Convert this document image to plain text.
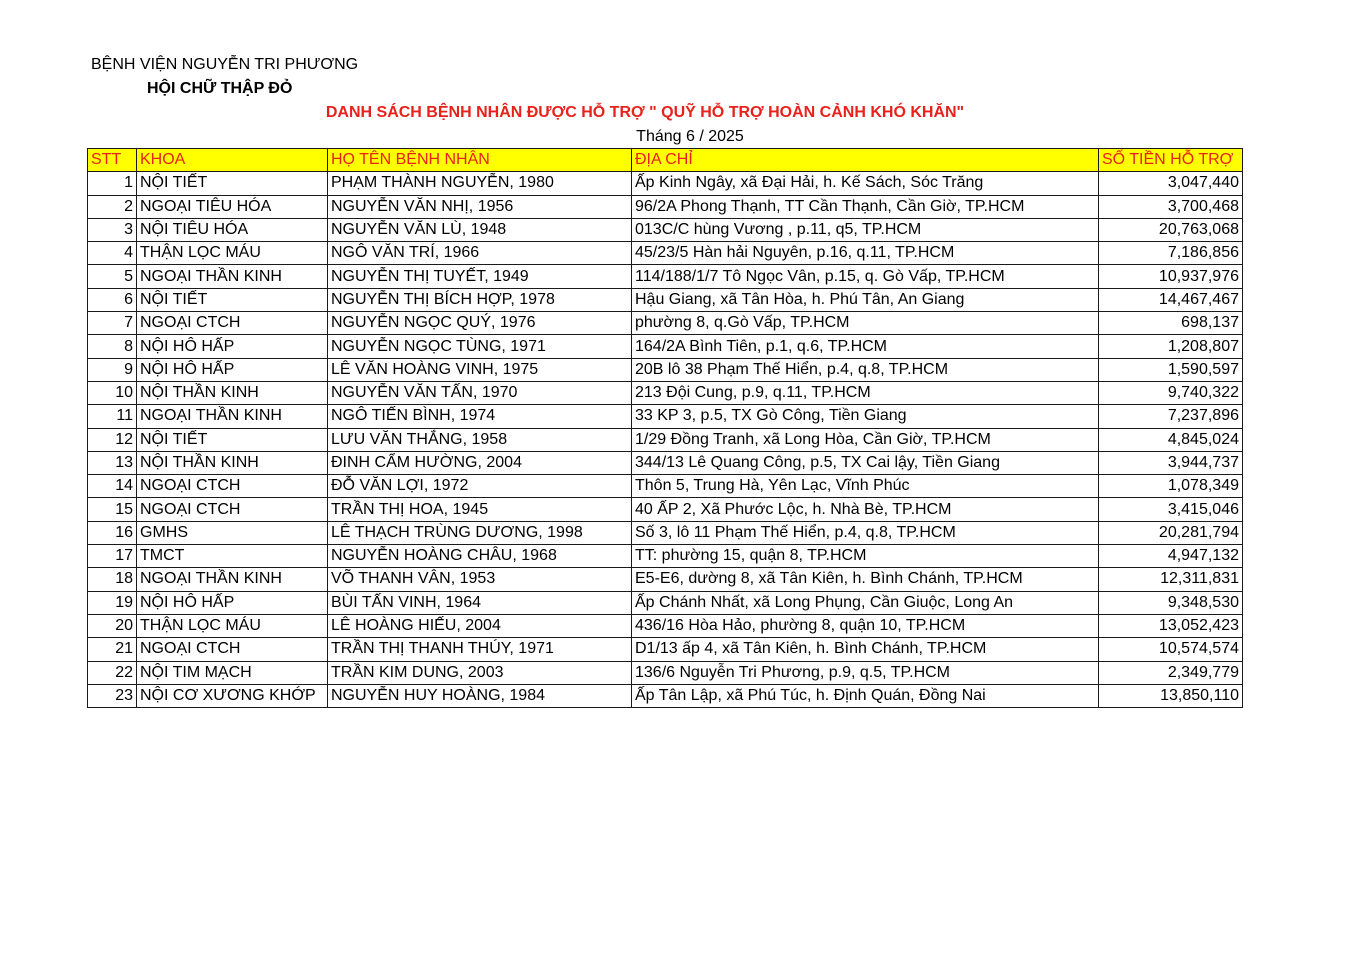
BỆNH VIỆN NGUYỄN TRI PHƯƠNG
HỘI CHỮ THẬP ĐỎ
DANH SÁCH BỆNH NHÂN ĐƯỢC HỖ TRỢ " QUỸ HỖ TRỢ HOÀN CẢNH KHÓ KHĂN"
Tháng 6 / 2025
STT	KHOA	HỌ TÊN BỆNH NHÂN	ĐỊA CHỈ	SỐ TIỀN HỖ TRỢ
1	NỘI TIẾT	PHẠM THÀNH NGUYỄN, 1980	Ấp Kinh Ngây, xã Đại Hải, h. Kế Sách, Sóc Trăng	3,047,440
2	NGOẠI TIÊU HÓA	NGUYỄN VĂN NHỊ, 1956	96/2A Phong Thạnh, TT Cần Thạnh, Cần Giờ, TP.HCM	3,700,468
3	NỘI TIÊU HÓA	NGUYỄN VĂN LÙ, 1948	013C/C hùng Vương , p.11, q5, TP.HCM	20,763,068
4	THẬN LỌC MÁU	NGÔ VĂN TRÍ, 1966	45/23/5 Hàn hải Nguyên, p.16, q.11, TP.HCM	7,186,856
5	NGOẠI THẦN KINH	NGUYỄN THỊ TUYẾT, 1949	114/188/1/7 Tô Ngọc Vân, p.15, q. Gò Vấp, TP.HCM	10,937,976
6	NỘI TIẾT	NGUYỄN THỊ BÍCH HỢP, 1978	Hậu Giang, xã Tân Hòa, h. Phú Tân, An Giang	14,467,467
7	NGOẠI CTCH	NGUYỄN NGỌC QUÝ, 1976	phường 8, q.Gò Vấp, TP.HCM	698,137
8	NỘI HÔ HẤP	NGUYỄN NGỌC TÙNG, 1971	164/2A Bình Tiên, p.1, q.6, TP.HCM	1,208,807
9	NỘI HÔ HẤP	LÊ VĂN HOÀNG VINH, 1975	20B lô 38 Phạm Thế Hiển, p.4, q.8, TP.HCM	1,590,597
10	NỘI THẦN KINH	NGUYỄN VĂN TẤN, 1970	213 Đội Cung, p.9, q.11, TP.HCM	9,740,322
11	NGOẠI THẦN KINH	NGÔ TIẾN BÌNH, 1974	33 KP 3, p.5, TX Gò Công, Tiền Giang	7,237,896
12	NỘI TIẾT	LƯU VĂN THẮNG, 1958	1/29 Đồng Tranh, xã Long Hòa, Cần Giờ, TP.HCM	4,845,024
13	NỘI THẦN KINH	ĐINH CẨM HƯỜNG, 2004	344/13 Lê Quang Công, p.5, TX Cai lậy, Tiền Giang	3,944,737
14	NGOẠI CTCH	ĐỖ VĂN LỢI, 1972	Thôn 5, Trung Hà, Yên Lạc, Vĩnh Phúc	1,078,349
15	NGOẠI CTCH	TRẦN THỊ HOA, 1945	40 ẤP 2, Xã Phước Lộc, h. Nhà Bè, TP.HCM	3,415,046
16	GMHS	LÊ THẠCH TRÙNG DƯƠNG, 1998	Số 3, lô 11 Phạm Thế Hiển, p.4, q.8, TP.HCM	20,281,794
17	TMCT	NGUYỄN HOÀNG CHÂU, 1968	TT: phường 15, quận 8, TP.HCM	4,947,132
18	NGOẠI THẦN KINH	VÕ THANH VÂN, 1953	E5-E6, dường 8, xã Tân Kiên, h. Bình Chánh, TP.HCM	12,311,831
19	NỘI HÔ HẤP	BÙI TẤN VINH, 1964	Ấp Chánh Nhất, xã Long Phụng, Cần Giuộc, Long An	9,348,530
20	THẬN LỌC MÁU	LÊ HOÀNG HIẾU, 2004	436/16 Hòa Hảo, phường 8, quận 10, TP.HCM	13,052,423
21	NGOẠI CTCH	TRẦN THỊ THANH THÚY, 1971	D1/13 ấp 4, xã Tân Kiên, h. Bình Chánh, TP.HCM	10,574,574
22	NỘI TIM MẠCH	TRẦN KIM DUNG, 2003	136/6 Nguyễn Tri Phương, p.9, q.5, TP.HCM	2,349,779
23	NỘI CƠ XƯƠNG KHỚP	NGUYỄN HUY HOÀNG, 1984	Ấp Tân Lập, xã Phú Túc, h. Định Quán, Đồng Nai	13,850,110
